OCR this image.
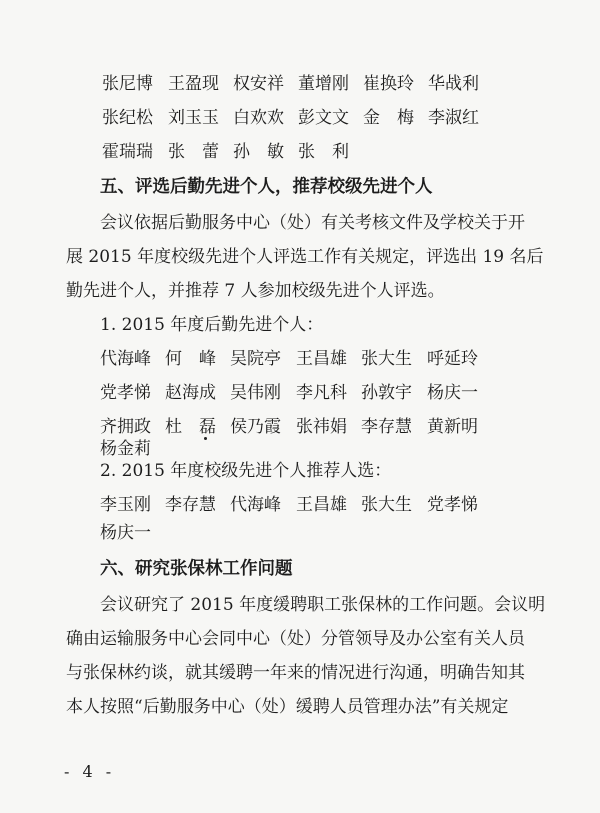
张尼博 王盈现 权安祥 董增刚 崔换玲 华战利
张纪松 刘玉玉 白欢欢 彭文文 金　梅 李淑红
霍瑞瑞 张　蕾 孙　敏 张　利
五、评选后勤先进个人，推荐校级先进个人
会议依据后勤服务中心（处）有关考核文件及学校关于开
展 2015 年度校级先进个人评选工作有关规定，评选出 19 名后
勤先进个人，并推荐 7 人参加校级先进个人评选。
1. 2015 年度后勤先进个人：
代海峰 何　峰 吴院亭 王昌雄 张大生 呼延玲
党孝悌 赵海成 吴伟刚 李凡科 孙敦宇 杨庆一
齐拥政 杜　磊 侯乃霞 张祎娟 李存慧 黄新明
杨金莉
2. 2015 年度校级先进个人推荐人选：
李玉刚 李存慧 代海峰 王昌雄 张大生 党孝悌
杨庆一
六、研究张保林工作问题
会议研究了 2015 年度缓聘职工张保林的工作问题。会议明
确由运输服务中心会同中心（处）分管领导及办公室有关人员
与张保林约谈，就其缓聘一年来的情况进行沟通，明确告知其
本人按照“后勤服务中心（处）缓聘人员管理办法”有关规定
- 4 -
